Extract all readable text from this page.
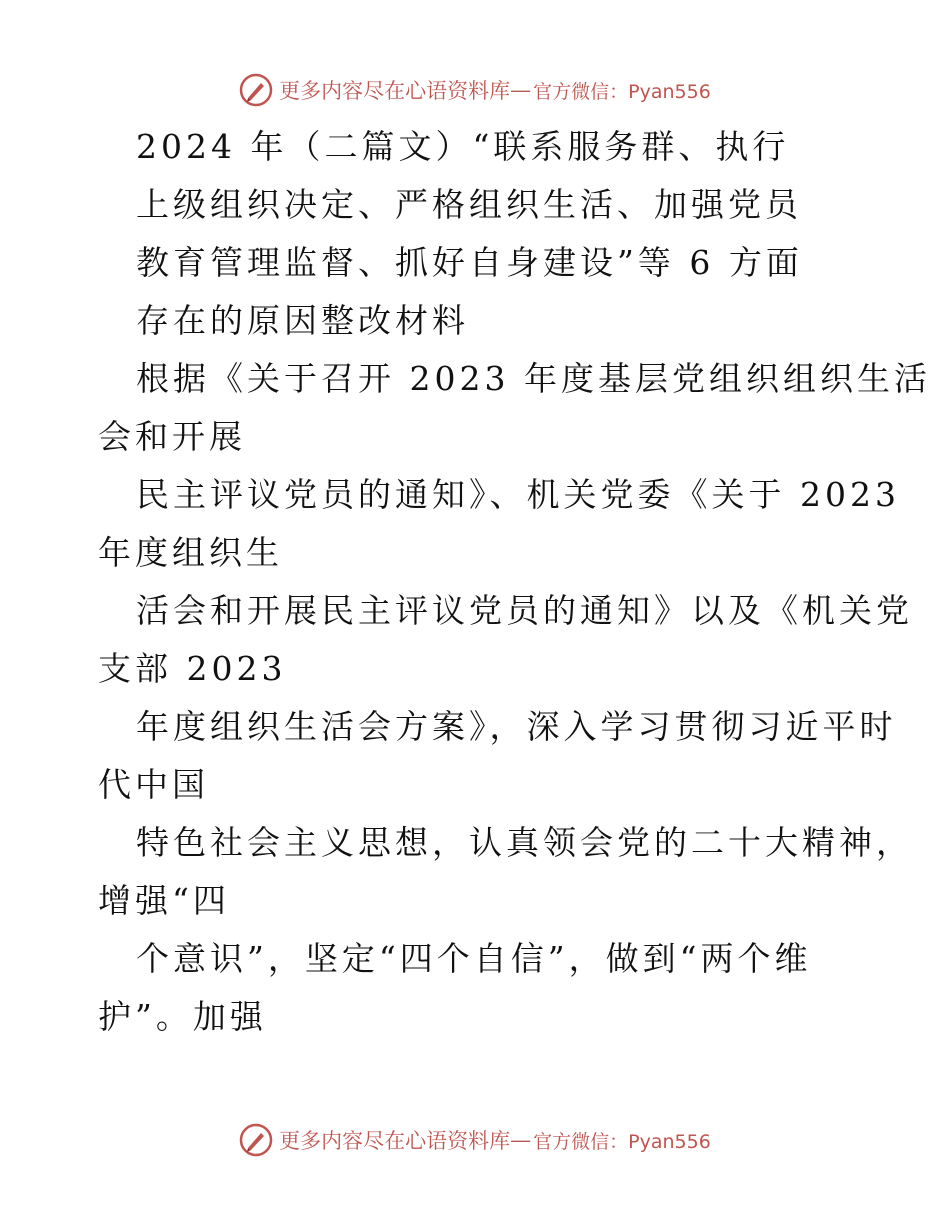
更多内容尽在心语资料库 — 官方微信：Pyan556
2024 年（二篇文）“联系服务群、执行
上级组织决定、严格组织生活、加强党员
教育管理监督、抓好自身建设”等 6 方面
存在的原因整改材料
根据《关于召开 2023 年度基层党组织组织生活
会和开展
民主评议党员的通知》、机关党委《关于 2023
年度组织生
活会和开展民主评议党员的通知》以及《机关党
支部 2023
年度组织生活会方案》，深入学习贯彻习近平时
代中国
特色社会主义思想，认真领会党的二十大精神，
增强“四
个意识”，坚定“四个自信”，做到“两个维
护”。加强
更多内容尽在心语资料库 — 官方微信：Pyan556
